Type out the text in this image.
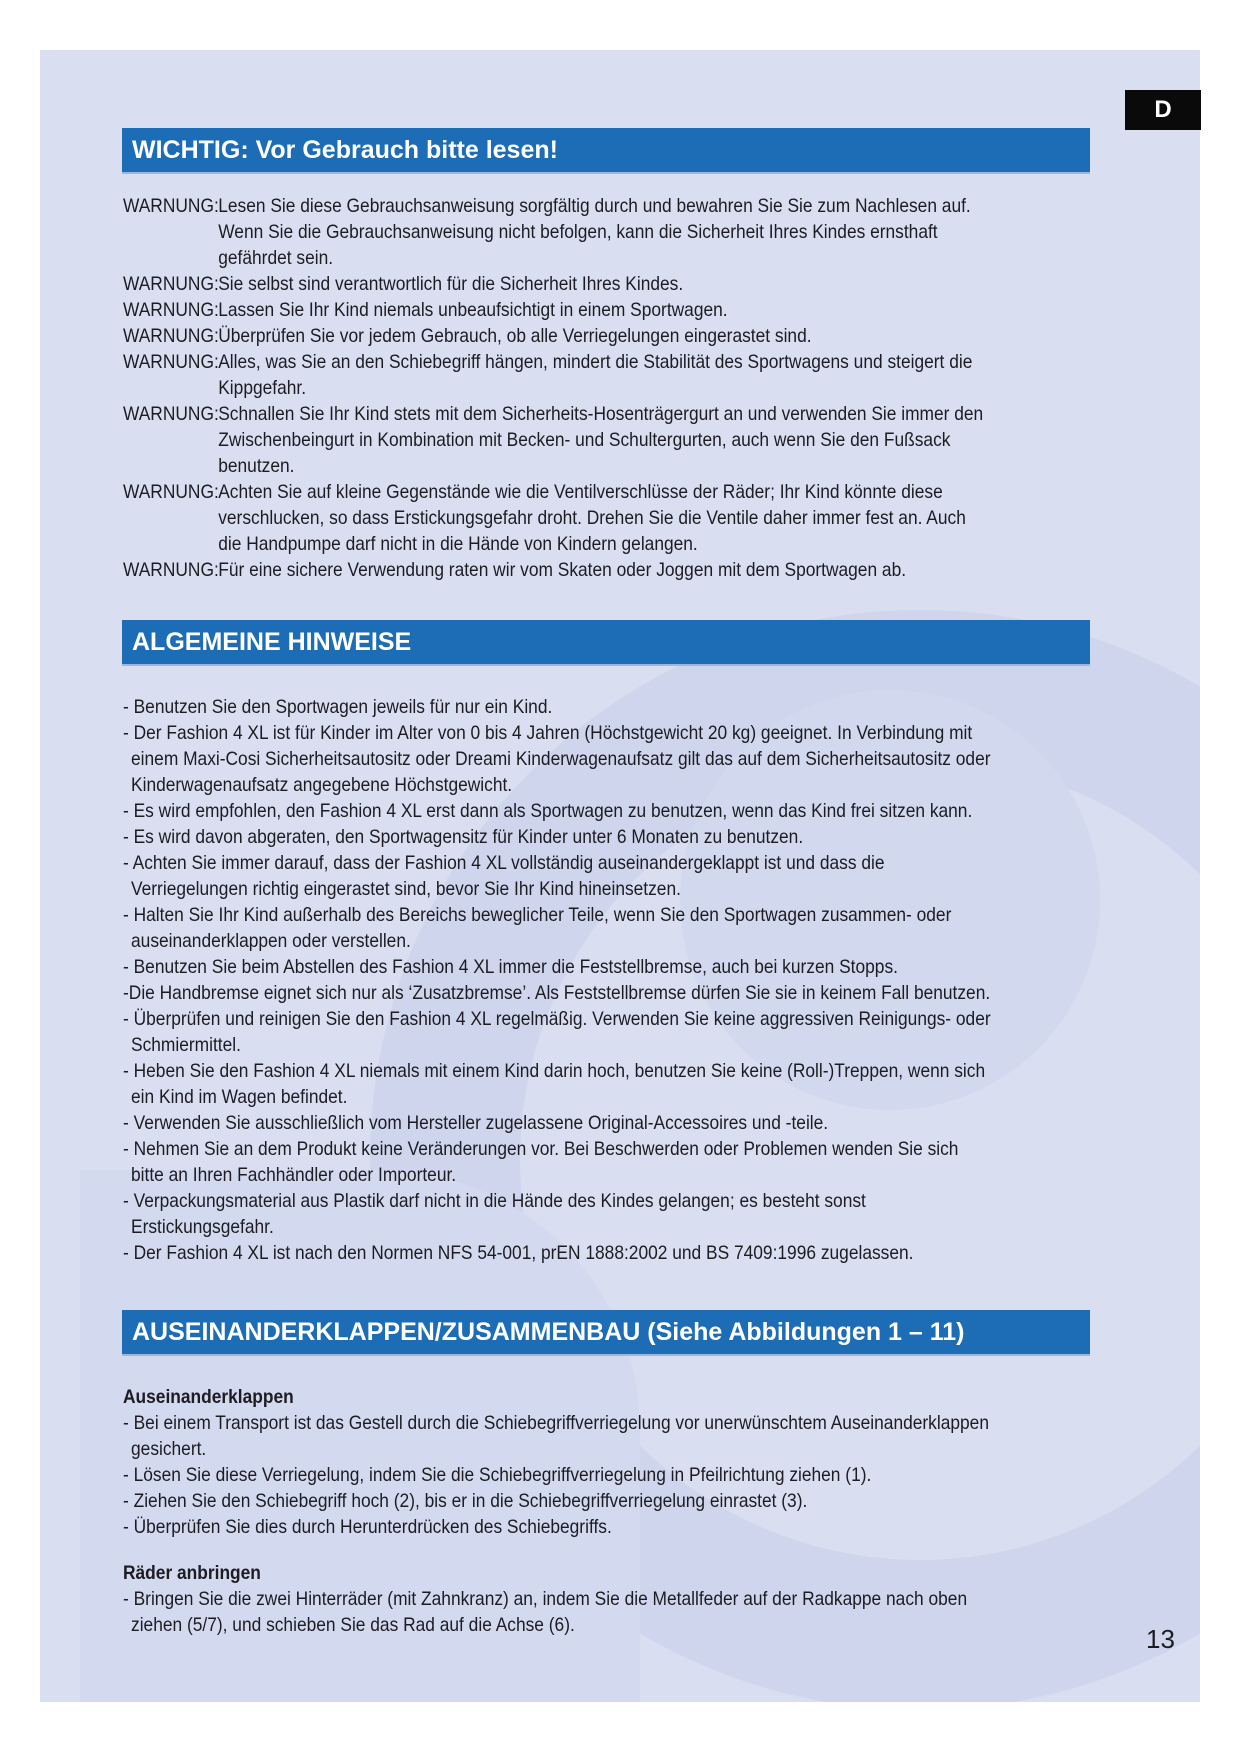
D
WICHTIG: Vor Gebrauch bitte lesen!
WARNUNG:Lesen Sie diese Gebrauchsanweisung sorgfältig durch und bewahren Sie Sie zum Nachlesen auf. Wenn Sie die Gebrauchsanweisung nicht befolgen, kann die Sicherheit Ihres Kindes ernsthaft gefährdet sein.
WARNUNG:Sie selbst sind verantwortlich für die Sicherheit Ihres Kindes.
WARNUNG:Lassen Sie Ihr Kind niemals unbeaufsichtigt in einem Sportwagen.
WARNUNG:Überprüfen Sie vor jedem Gebrauch, ob alle Verriegelungen eingerastet sind.
WARNUNG:Alles, was Sie an den Schiebegriff hängen, mindert die Stabilität des Sportwagens und steigert die Kippgefahr.
WARNUNG:Schnallen Sie Ihr Kind stets mit dem Sicherheits-Hosenträgergurt an und verwenden Sie immer den Zwischenbeingurt in Kombination mit Becken- und Schultergurten, auch wenn Sie den Fußsack benutzen.
WARNUNG:Achten Sie auf kleine Gegenstände wie die Ventilverschlüsse der Räder; Ihr Kind könnte diese verschlucken, so dass Erstickungsgefahr droht. Drehen Sie die Ventile daher immer fest an. Auch die Handpumpe darf nicht in die Hände von Kindern gelangen.
WARNUNG:Für eine sichere Verwendung raten wir vom Skaten oder Joggen mit dem Sportwagen ab.
ALGEMEINE HINWEISE
- Benutzen Sie den Sportwagen jeweils für nur ein Kind.
- Der Fashion 4 XL ist für Kinder im Alter von 0 bis 4 Jahren (Höchstgewicht 20 kg) geeignet. In Verbindung mit einem Maxi-Cosi Sicherheitsautositz oder Dreami Kinderwagenaufsatz gilt das auf dem Sicherheitsautositz oder Kinderwagenaufsatz angegebene Höchstgewicht.
- Es wird empfohlen, den Fashion 4 XL erst dann als Sportwagen zu benutzen, wenn das Kind frei sitzen kann.
- Es wird davon abgeraten, den Sportwagensitz für Kinder unter 6 Monaten zu benutzen.
- Achten Sie immer darauf, dass der Fashion 4 XL vollständig auseinandergeklappt ist und dass die Verriegelungen richtig eingerastet sind, bevor Sie Ihr Kind hineinsetzen.
- Halten Sie Ihr Kind außerhalb des Bereichs beweglicher Teile, wenn Sie den Sportwagen zusammen- oder auseinanderklappen oder verstellen.
- Benutzen Sie beim Abstellen des Fashion 4 XL immer die Feststellbremse, auch bei kurzen Stopps.
-Die Handbremse eignet sich nur als ‘Zusatzbremse’. Als Feststellbremse dürfen Sie sie in keinem Fall benutzen.
- Überprüfen und reinigen Sie den Fashion 4 XL regelmäßig. Verwenden Sie keine aggressiven Reinigungs- oder Schmiermittel.
- Heben Sie den Fashion 4 XL niemals mit einem Kind darin hoch, benutzen Sie keine (Roll-)Treppen, wenn sich ein Kind im Wagen befindet.
- Verwenden Sie ausschließlich vom Hersteller zugelassene Original-Accessoires und -teile.
- Nehmen Sie an dem Produkt keine Veränderungen vor. Bei Beschwerden oder Problemen wenden Sie sich bitte an Ihren Fachhändler oder Importeur.
- Verpackungsmaterial aus Plastik darf nicht in die Hände des Kindes gelangen; es besteht sonst Erstickungsgefahr.
- Der Fashion 4 XL ist nach den Normen NFS 54-001, prEN 1888:2002 und BS 7409:1996 zugelassen.
AUSEINANDERKLAPPEN/ZUSAMMENBAU (Siehe Abbildungen 1 – 11)
Auseinanderklappen
- Bei einem Transport ist das Gestell durch die Schiebegriffverriegelung vor unerwünschtem Auseinanderklappen gesichert.
- Lösen Sie diese Verriegelung, indem Sie die Schiebegriffverriegelung in Pfeilrichtung ziehen (1).
- Ziehen Sie den Schiebegriff hoch (2), bis er in die Schiebegriffverriegelung einrastet (3).
- Überprüfen Sie dies durch Herunterdrücken des Schiebegriffs.
Räder anbringen
- Bringen Sie die zwei Hinterräder (mit Zahnkranz) an, indem Sie die Metallfeder auf der Radkappe nach oben ziehen (5/7), und schieben Sie das Rad auf die Achse (6).	13
